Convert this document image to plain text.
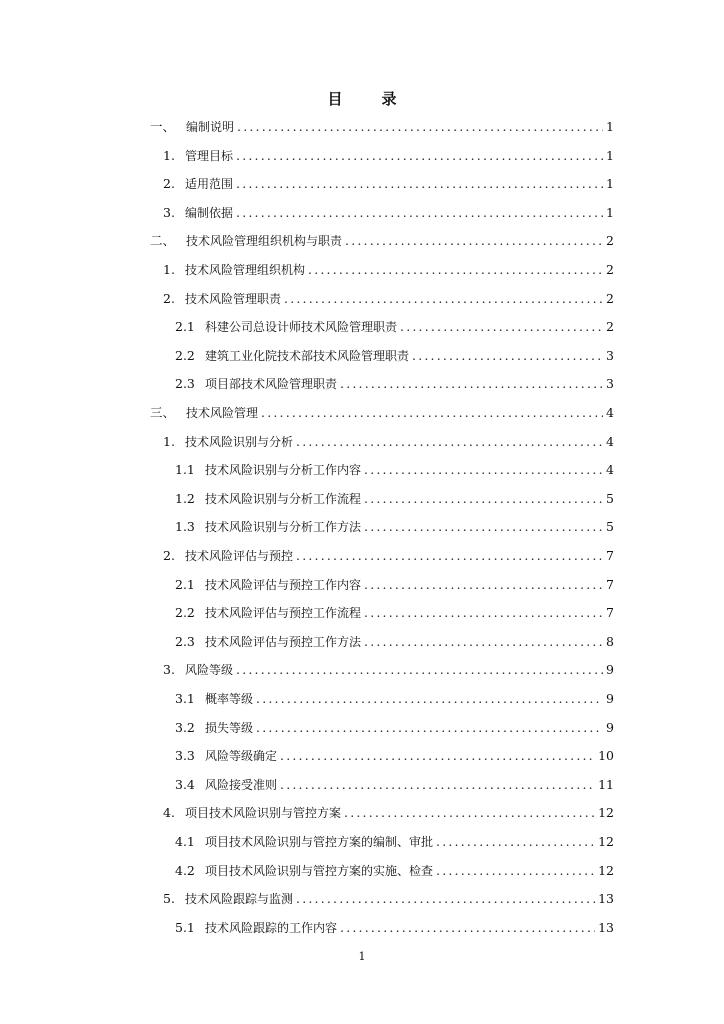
目　录
一、 编制说明 .....	1
1. 管理目标 .....	1
2. 适用范围 .....	1
3. 编制依据 .....	1
二、 技术风险管理组织机构与职责 .....	2
1. 技术风险管理组织机构 .....	2
2. 技术风险管理职责 .....	2
2.1 科建公司总设计师技术风险管理职责 .....	2
2.2 建筑工业化院技术部技术风险管理职责 .....	3
2.3 项目部技术风险管理职责 .....	3
三、 技术风险管理 .....	4
1. 技术风险识别与分析 .....	4
1.1 技术风险识别与分析工作内容 .....	4
1.2 技术风险识别与分析工作流程 .....	5
1.3 技术风险识别与分析工作方法 .....	5
2. 技术风险评估与预控 .....	7
2.1 技术风险评估与预控工作内容 .....	7
2.2 技术风险评估与预控工作流程 .....	7
2.3 技术风险评估与预控工作方法 .....	8
3. 风险等级 .....	9
3.1 概率等级 .....	9
3.2 损失等级 .....	9
3.3 风险等级确定 .....	10
3.4 风险接受准则 .....	11
4. 项目技术风险识别与管控方案 .....	12
4.1 项目技术风险识别与管控方案的编制、审批 .....	12
4.2 项目技术风险识别与管控方案的实施、检查 .....	12
5. 技术风险跟踪与监测 .....	13
5.1 技术风险跟踪的工作内容 .....	13
1
